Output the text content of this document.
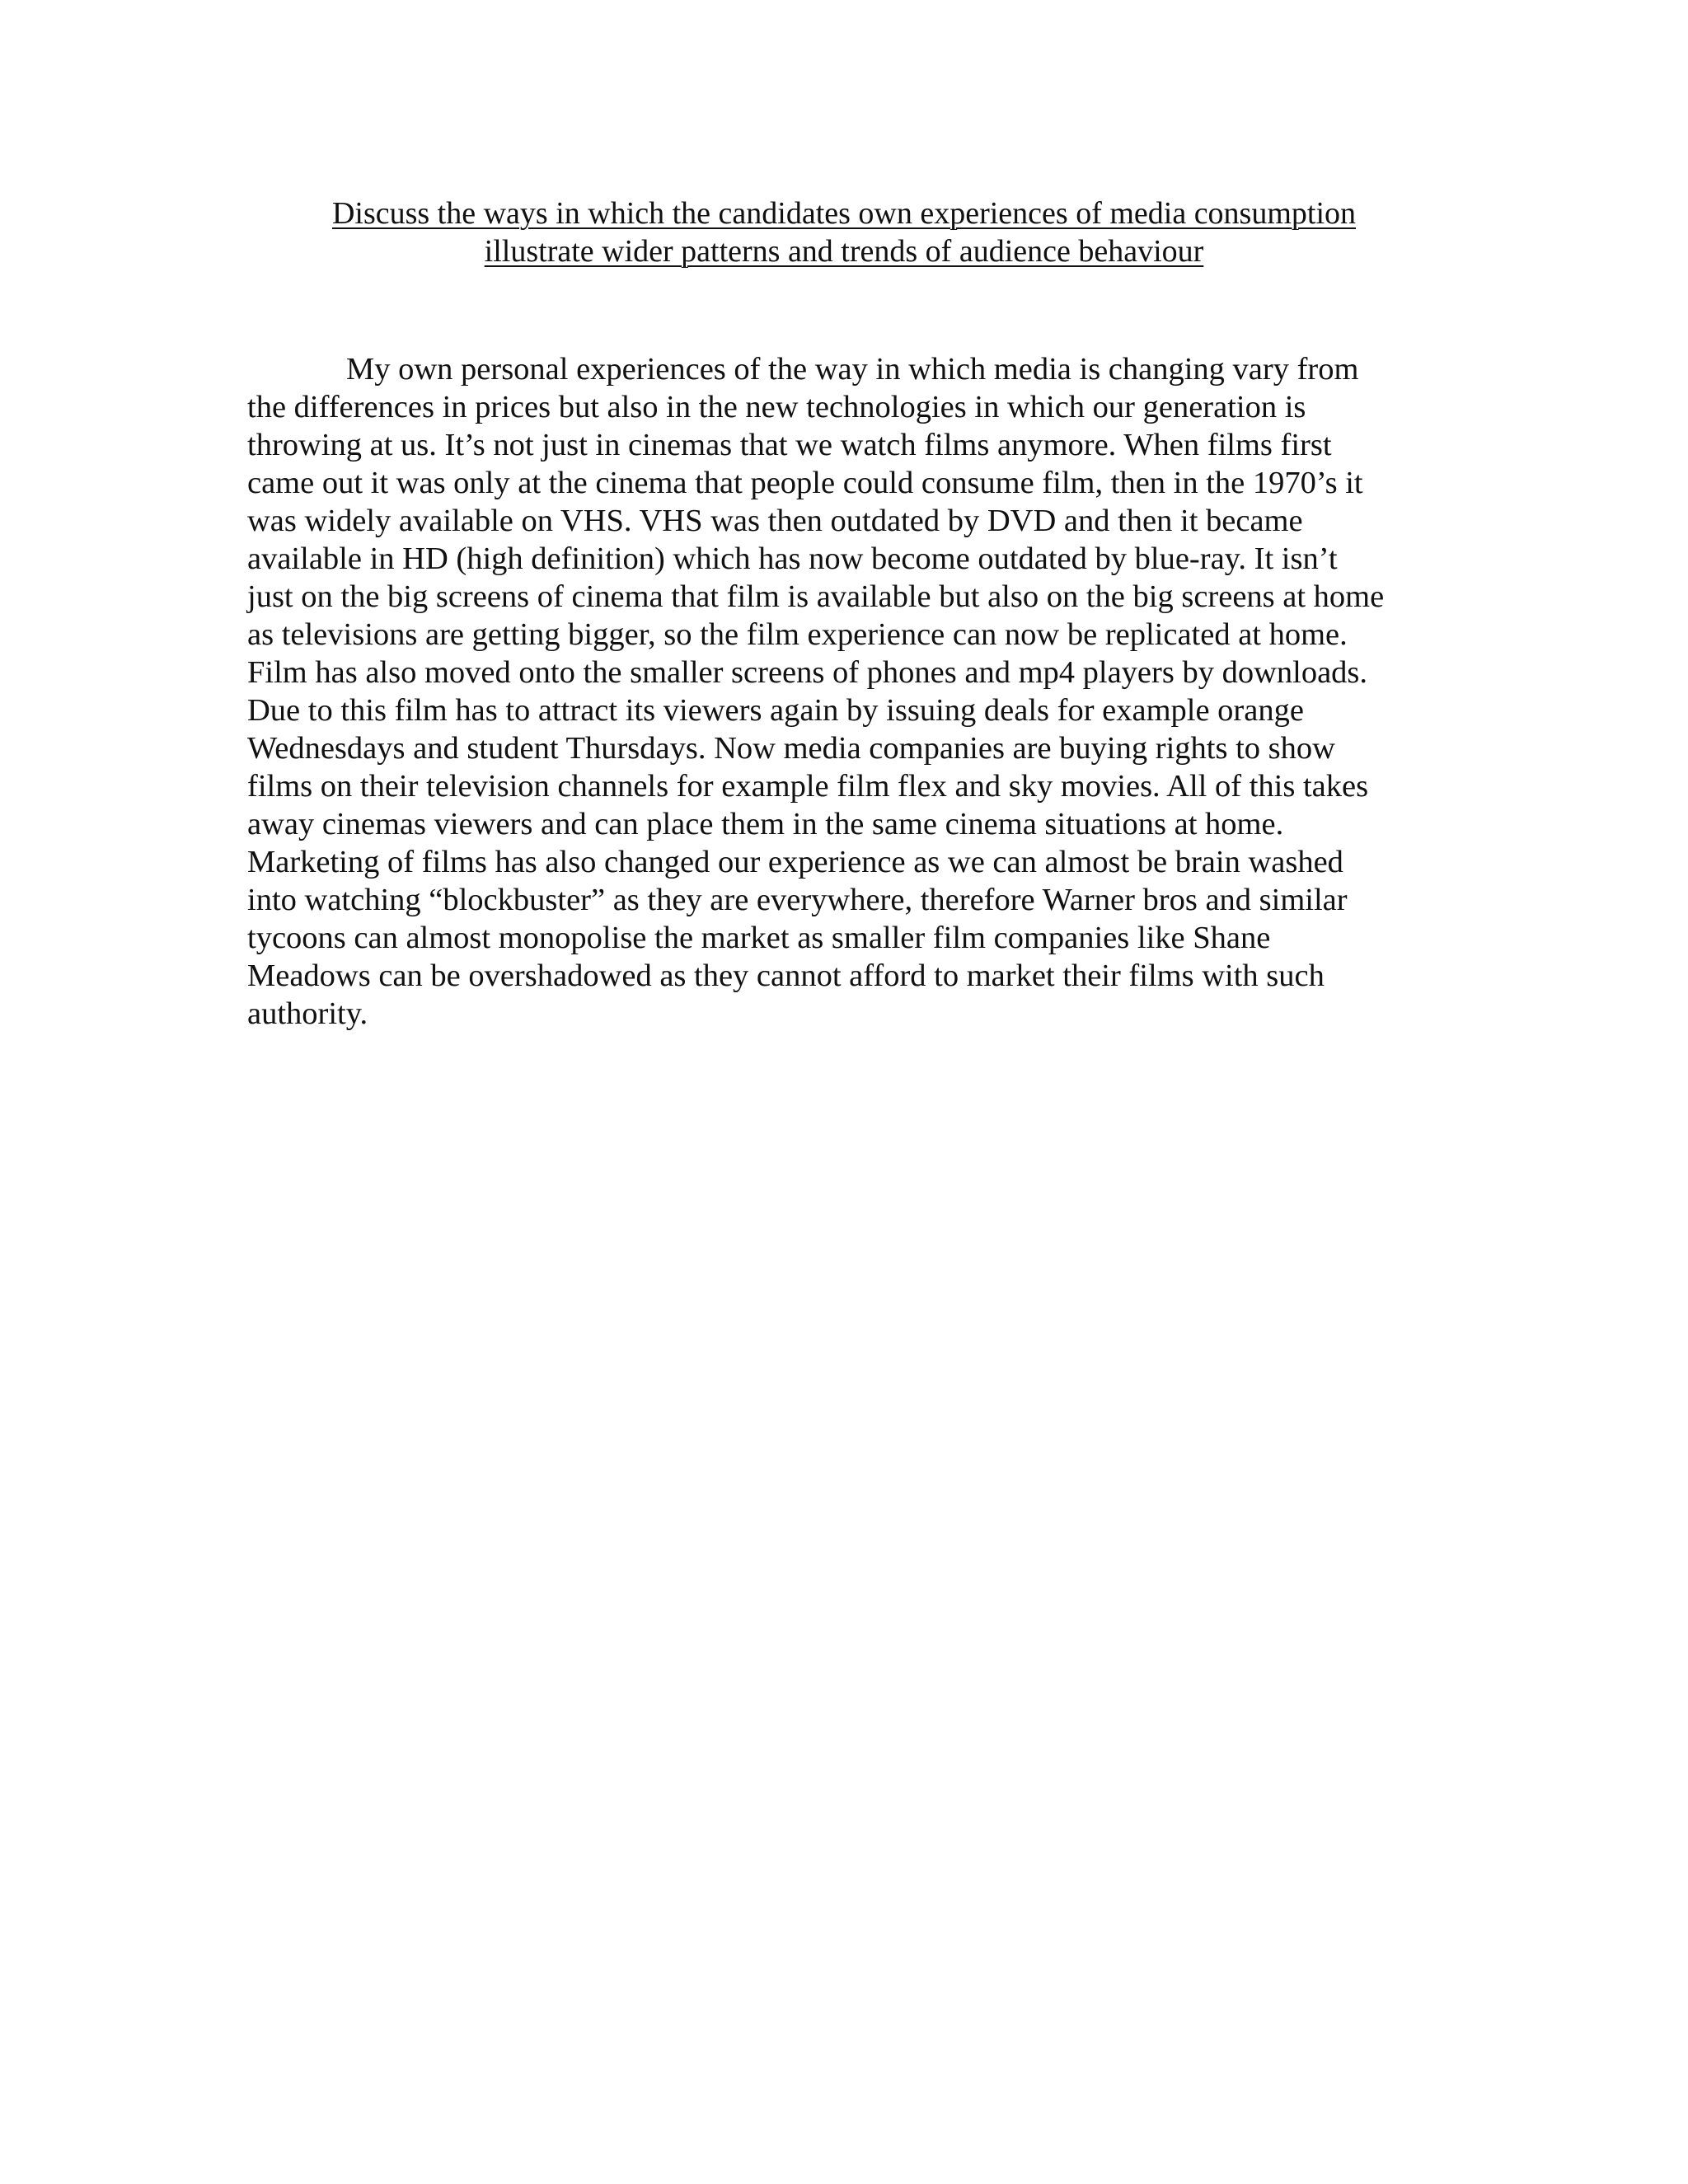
Discuss the ways in which the candidates own experiences of media consumption
illustrate wider patterns and trends of audience behaviour
My own personal experiences of the way in which media is changing vary from
the differences in prices but also in the new technologies in which our generation is
throwing at us. It’s not just in cinemas that we watch films anymore. When films first
came out it was only at the cinema that people could consume film, then in the 1970’s it
was widely available on VHS. VHS was then outdated by DVD and then it became
available in HD (high definition) which has now become outdated by blue-ray. It isn’t
just on the big screens of cinema that film is available but also on the big screens at home
as televisions are getting bigger, so the film experience can now be replicated at home.
Film has also moved onto the smaller screens of phones and mp4 players by downloads.
Due to this film has to attract its viewers again by issuing deals for example orange
Wednesdays and student Thursdays. Now media companies are buying rights to show
films on their television channels for example film flex and sky movies. All of this takes
away cinemas viewers and can place them in the same cinema situations at home.
Marketing of films has also changed our experience as we can almost be brain washed
into watching “blockbuster” as they are everywhere, therefore Warner bros and similar
tycoons can almost monopolise the market as smaller film companies like Shane
Meadows can be overshadowed as they cannot afford to market their films with such
authority.
